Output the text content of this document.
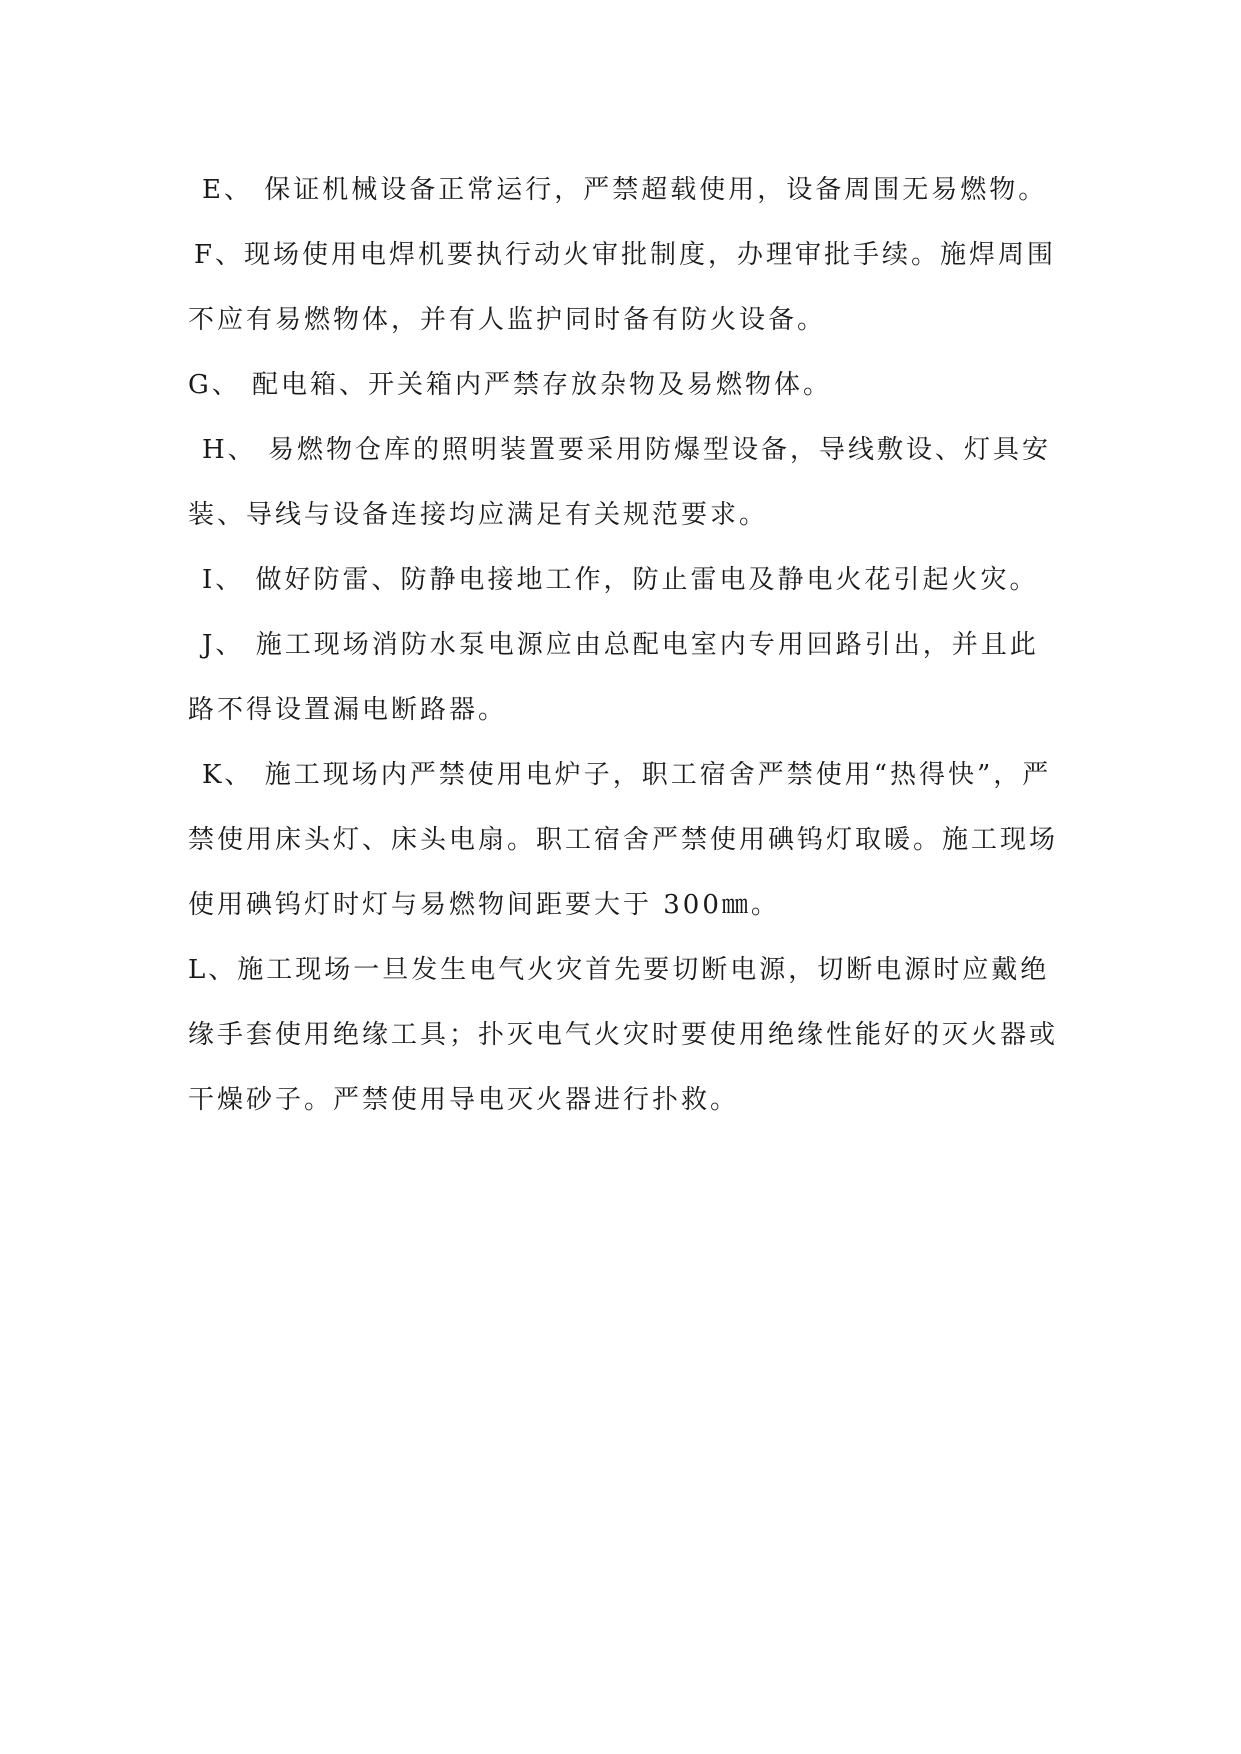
E、 保证机械设备正常运行，严禁超载使用，设备周围无易燃物。
F、现场使用电焊机要执行动火审批制度，办理审批手续。施焊周围
不应有易燃物体，并有人监护同时备有防火设备。
G、 配电箱、开关箱内严禁存放杂物及易燃物体。
H、 易燃物仓库的照明装置要采用防爆型设备，导线敷设、灯具安
装、导线与设备连接均应满足有关规范要求。
I、 做好防雷、防静电接地工作，防止雷电及静电火花引起火灾。
J、 施工现场消防水泵电源应由总配电室内专用回路引出，并且此
路不得设置漏电断路器。
K、 施工现场内严禁使用电炉子，职工宿舍严禁使用“热得快”，严
禁使用床头灯、床头电扇。职工宿舍严禁使用碘钨灯取暖。施工现场
使用碘钨灯时灯与易燃物间距要大于 300㎜。
L、施工现场一旦发生电气火灾首先要切断电源，切断电源时应戴绝
缘手套使用绝缘工具；扑灭电气火灾时要使用绝缘性能好的灭火器或
干燥砂子。严禁使用导电灭火器进行扑救。
